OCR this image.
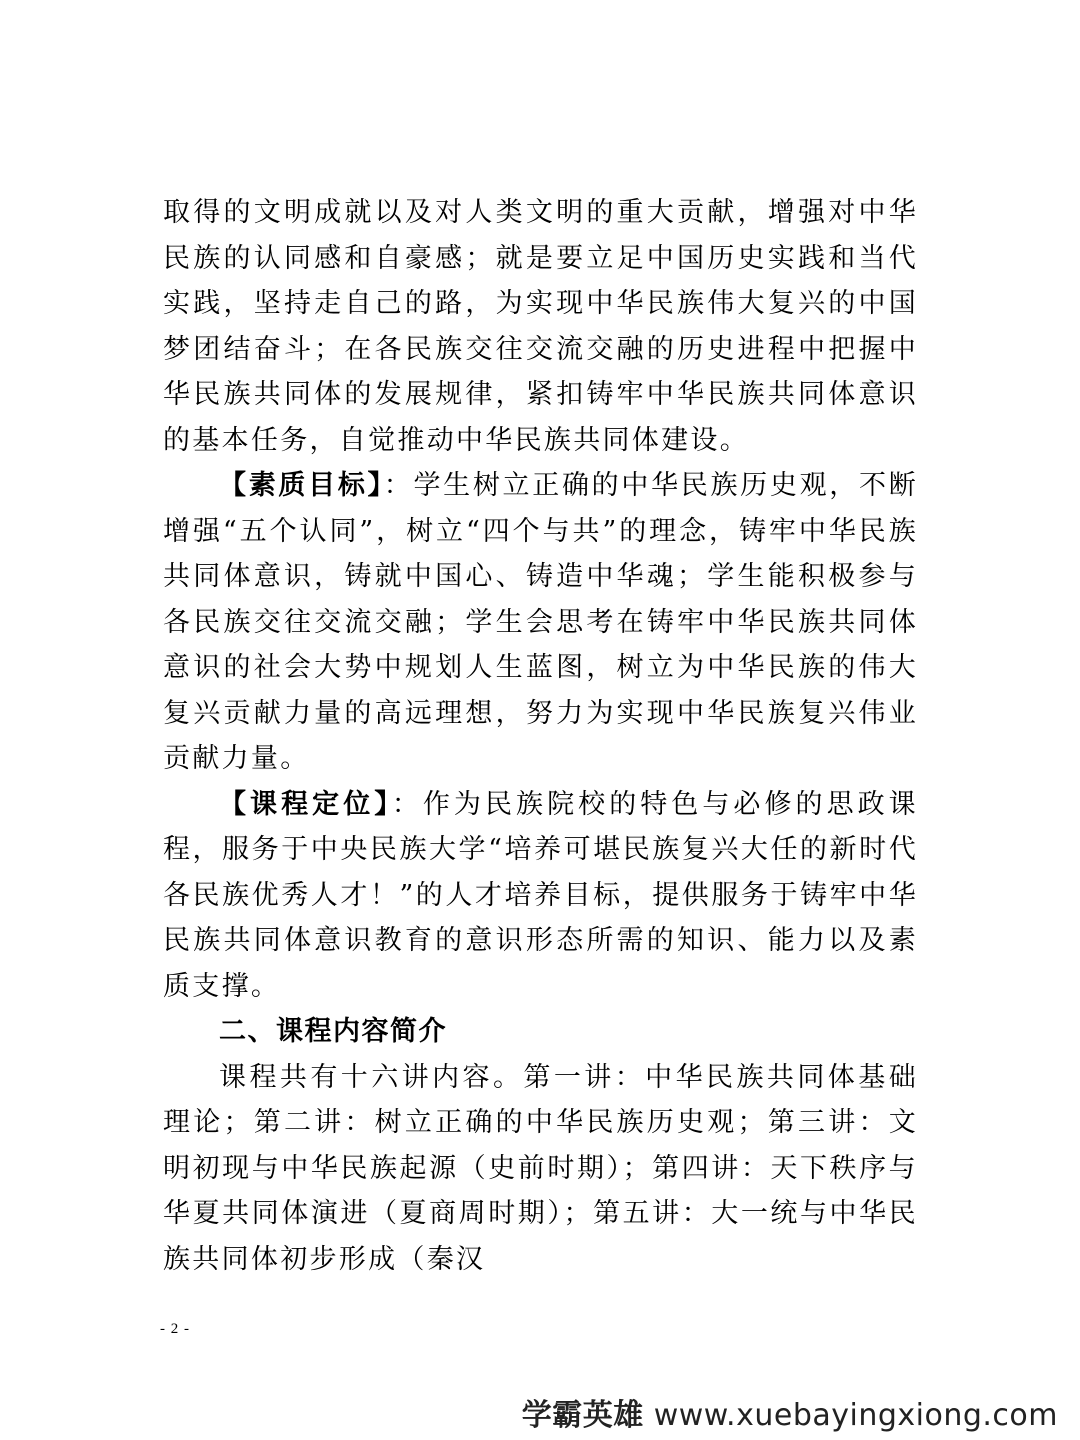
取得的文明成就以及对人类文明的重大贡献，增强对中华民族的认同感和自豪感；就是要立足中国历史实践和当代实践，坚持走自己的路，为实现中华民族伟大复兴的中国梦团结奋斗；在各民族交往交流交融的历史进程中把握中华民族共同体的发展规律，紧扣铸牢中华民族共同体意识的基本任务，自觉推动中华民族共同体建设。

【素质目标】：学生树立正确的中华民族历史观，不断增强“五个认同”，树立“四个与共”的理念，铸牢中华民族共同体意识，铸就中国心、铸造中华魂；学生能积极参与各民族交往交流交融；学生会思考在铸牢中华民族共同体意识的社会大势中规划人生蓝图，树立为中华民族的伟大复兴贡献力量的高远理想，努力为实现中华民族复兴伟业贡献力量。

【课程定位】：作为民族院校的特色与必修的思政课程，服务于中央民族大学“培养可堪民族复兴大任的新时代各民族优秀人才！”的人才培养目标，提供服务于铸牢中华民族共同体意识教育的意识形态所需的知识、能力以及素质支撑。

二、课程内容简介

课程共有十六讲内容。第一讲：中华民族共同体基础理论；第二讲：树立正确的中华民族历史观；第三讲：文明初现与中华民族起源（史前时期）；第四讲：天下秩序与华夏共同体演进（夏商周时期）；第五讲：大一统与中华民族共同体初步形成（秦汉

- 2 -
学霸英雄 www.xuebayingxiong.com
